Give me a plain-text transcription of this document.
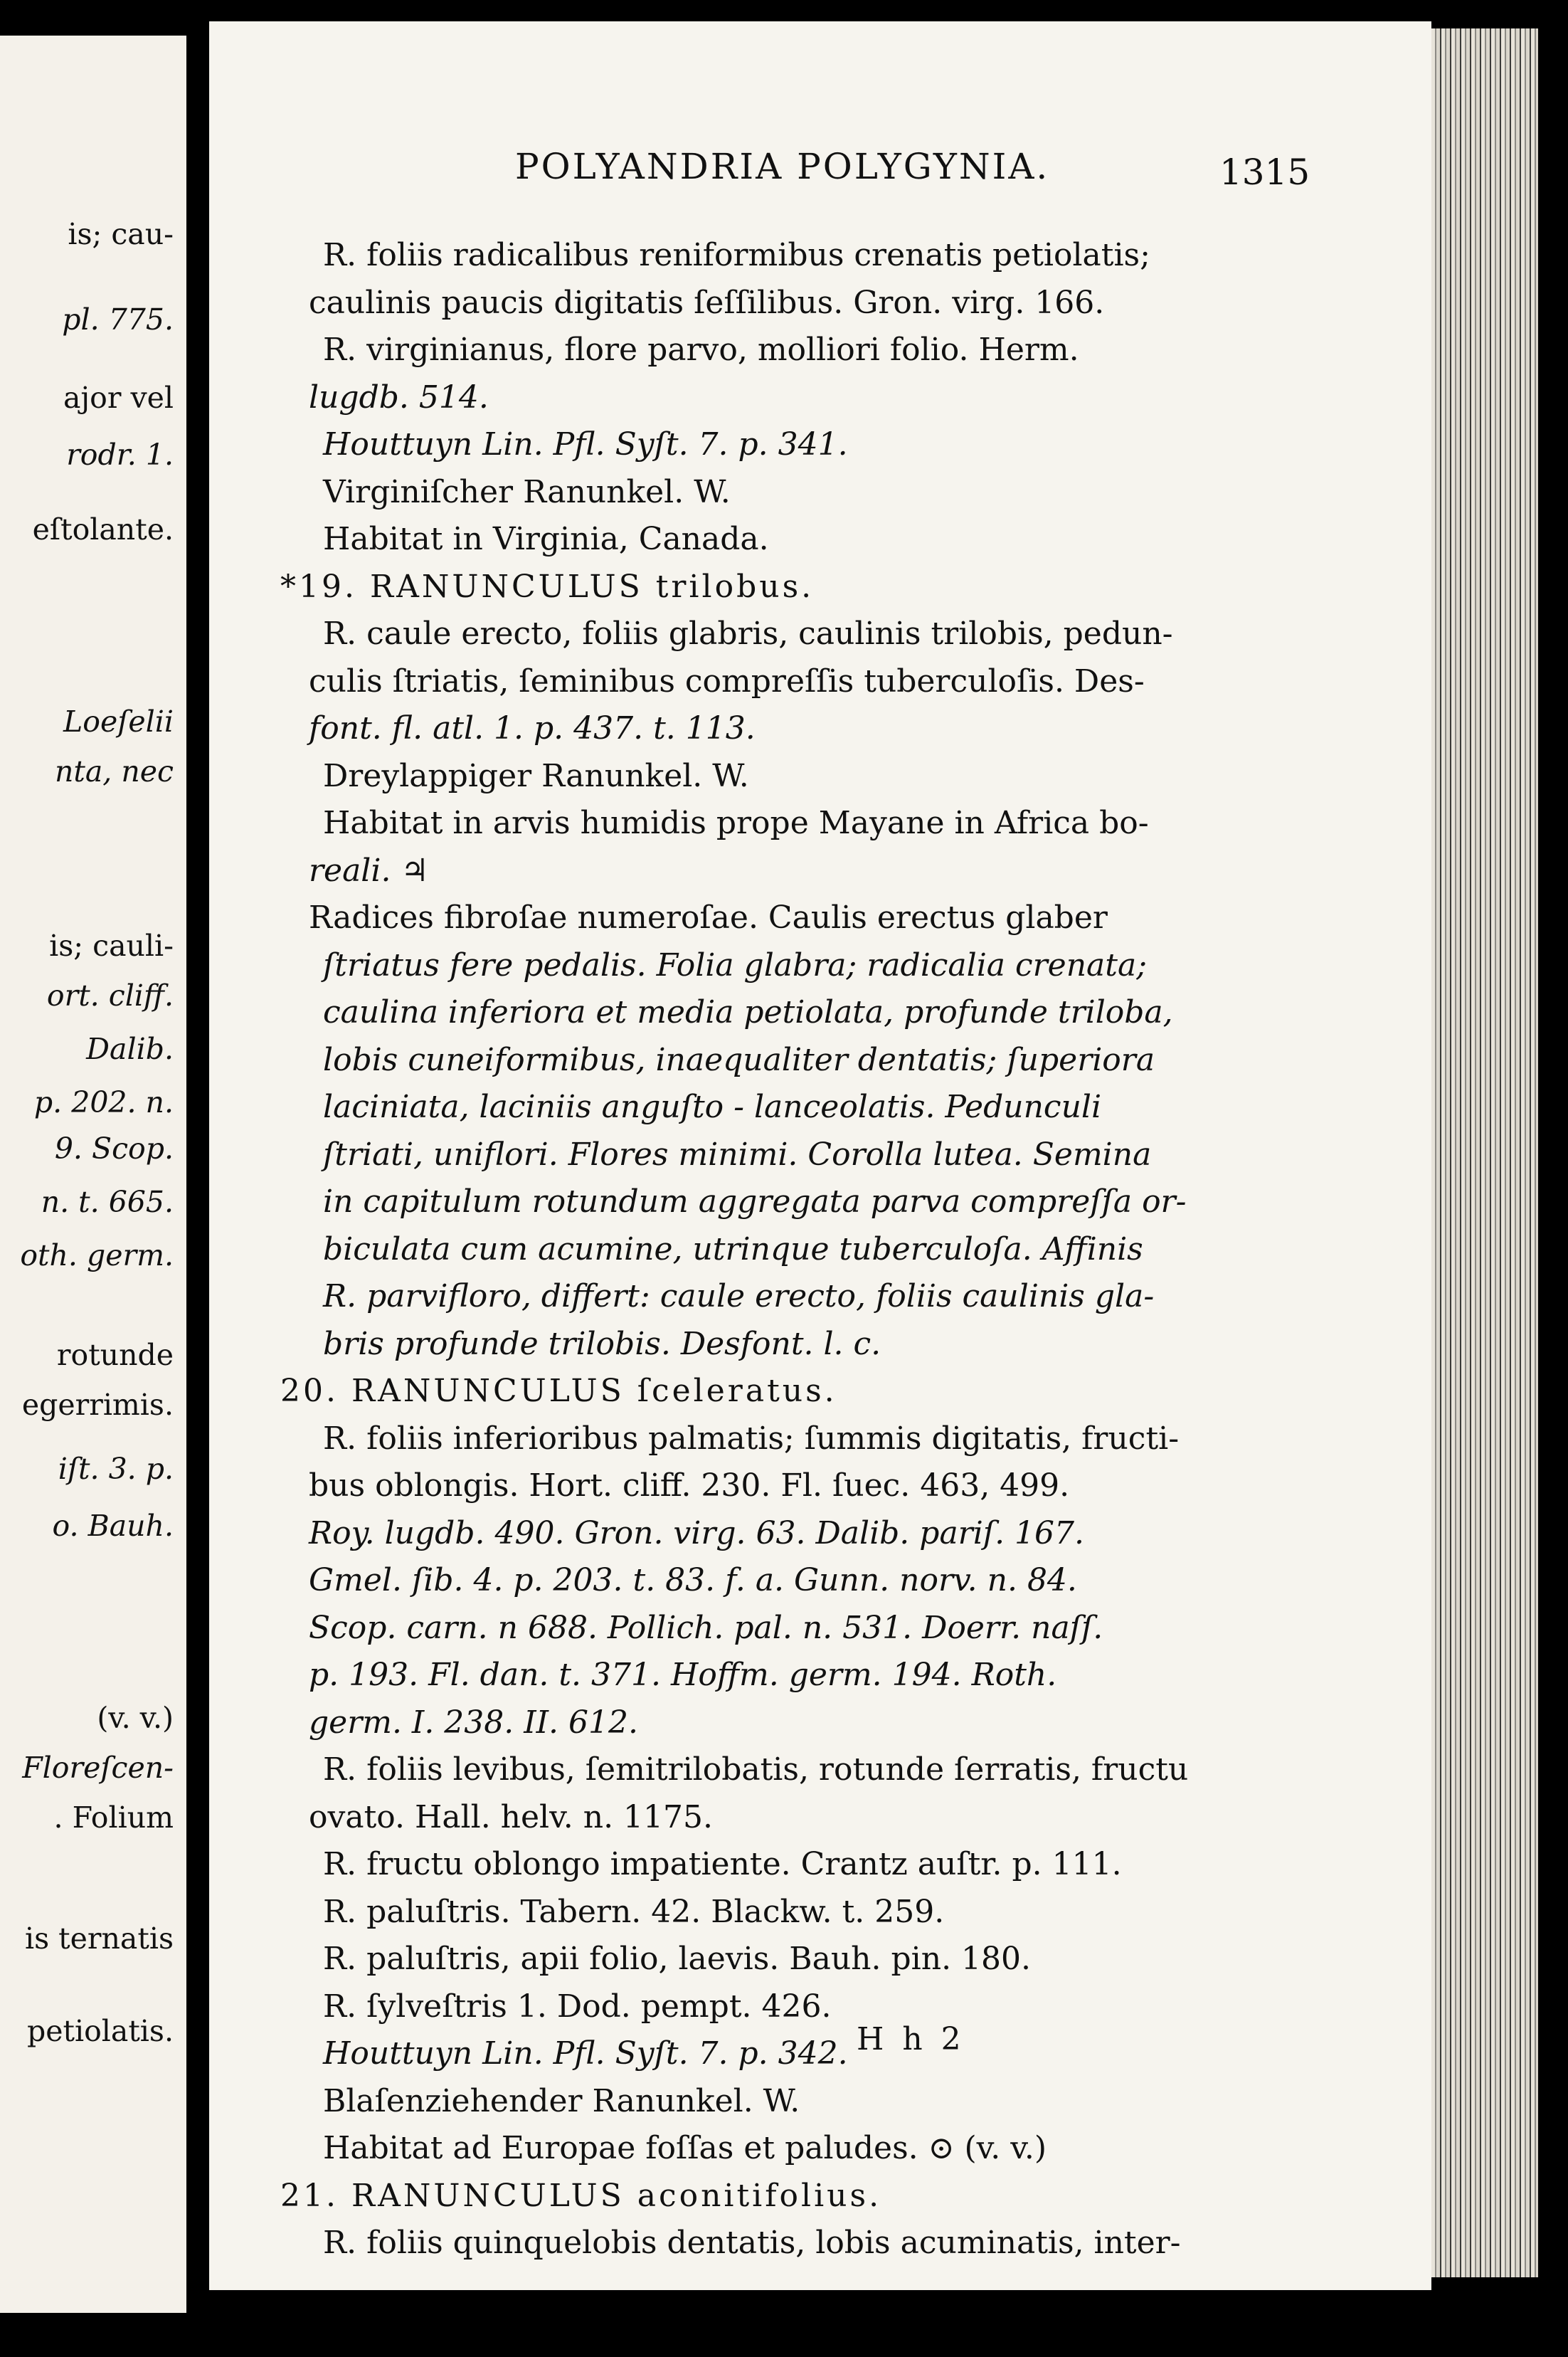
is; cau-
pl. 775.
ajor vel
rodr. 1.
eſtolante.
Loeſelii
nta, nec
is; cauli-
ort. cliff.
Dalib.
p. 202. n.
9. Scop.
n. t. 665.
oth. germ.
rotunde
egerrimis.
iſt. 3. p.
o. Bauh.
(v. v.)
Floreſcen-
. Folium
is ternatis
petiolatis.
POLYANDRIA POLYGYNIA.	1315
R. foliis radicalibus reniformibus crenatis petiolatis;
caulinis paucis digitatis ſeſſilibus. Gron. virg. 166.
R. virginianus, flore parvo, molliori folio. Herm.
lugdb. 514.
Houttuyn Lin. Pfl. Syſt. 7. p. 341.
Virginiſcher Ranunkel. W.
Habitat in Virginia, Canada.
*19. RANUNCULUS trilobus.
R. caule erecto, foliis glabris, caulinis trilobis, pedun-
culis ſtriatis, ſeminibus compreſſis tuberculoſis. Des-
font. fl. atl. 1. p. 437. t. 113.
Dreylappiger Ranunkel. W.
Habitat in arvis humidis prope Mayane in Africa bo-
reali. ♃
Radices fibroſae numeroſae. Caulis erectus glaber
ſtriatus fere pedalis. Folia glabra; radicalia crenata;
caulina inferiora et media petiolata, profunde triloba,
lobis cuneiformibus, inaequaliter dentatis; ſuperiora
laciniata, laciniis anguſto - lanceolatis. Pedunculi
ſtriati, uniflori. Flores minimi. Corolla lutea. Semina
in capitulum rotundum aggregata parva compreſſa or-
biculata cum acumine, utrinque tuberculoſa. Affinis
R. parvifloro, differt: caule erecto, foliis caulinis gla-
bris profunde trilobis. Desfont. l. c.
20. RANUNCULUS ſceleratus.
R. foliis inferioribus palmatis; ſummis digitatis, fructi-
bus oblongis. Hort. cliff. 230. Fl. ſuec. 463, 499.
Roy. lugdb. 490. Gron. virg. 63. Dalib. pariſ. 167.
Gmel. ſib. 4. p. 203. t. 83. f. a. Gunn. norv. n. 84.
Scop. carn. n 688. Pollich. pal. n. 531. Doerr. naſſ.
p. 193. Fl. dan. t. 371. Hoffm. germ. 194. Roth.
germ. I. 238. II. 612.
R. foliis levibus, ſemitrilobatis, rotunde ſerratis, fructu
ovato. Hall. helv. n. 1175.
R. fructu oblongo impatiente. Crantz auſtr. p. 111.
R. paluſtris. Tabern. 42. Blackw. t. 259.
R. paluſtris, apii folio, laevis. Bauh. pin. 180.
R. ſylveſtris 1. Dod. pempt. 426.
Houttuyn Lin. Pfl. Syſt. 7. p. 342.
Blaſenziehender Ranunkel. W.
Habitat ad Europae foſſas et paludes. ⊙ (v. v.)
21. RANUNCULUS aconitifolius.
R. foliis quinquelobis dentatis, lobis acuminatis, inter-
H h 2
